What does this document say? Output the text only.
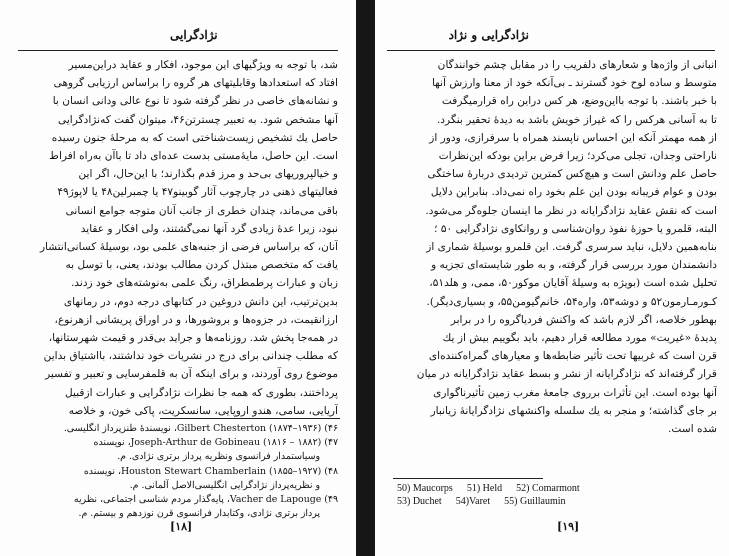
نژادگرایی
شد، با توجه به ویژگیهای این موجود، افکار و عقاید دراین‌مسیر
افتاد که استعدادها وقابلیتهای هر گروه را براساس ارزیابی گروهی
و نشانه‌های خاصی در نظر گرفته شود تا نوع عالی ودانی انسان با
آنها مشخص شود. به تعبیر چسترتن۴۶، میتوان گفت که‌نژادگرایی
حاصل یك تشخیص زیست‌شناختی است که به مرحلهٔ جنون رسیده
است. این حاصل، مایهٔ‌مستی بدست عده‌ای داد تا باآن به‌راه افراط
و خیالپروریهای بی‌حد و مرز قدم بگذارند؛ با این‌حال، اگر این
فعالیتهای ذهنی در چارچوب آثار گوبینو۴۷ یا چمبرلین۴۸ یا لاپوژ۴۹
باقی می‌ماند، چندان خطری از جانب آنان متوجه جوامع انسانی
نبود، زیرا عدهٔ زیادی گرد آنها نمی‌گشتند، ولی افکار و عقاید
آنان، که براساس فرضی از جنبه‌های علمی بود، بوسیلهٔ کسانی‌انتشار
یافت که متخصص مبتذل کردن مطالب بودند، یعنی، با توسل به
زبان و عبارات پرطمطراق، رنگ علمی به‌نوشته‌های خود زدند.
بدین‌ترتیب، این دانش دروغین در کتابهای درجه دوم، در رمانهای
ارزانقیمت، در جزوه‌ها و بروشورها، و در اوراق پریشانی ازهرنوع،
در همه‌جا پخش شد. روزنامه‌ها و جراید بی‌قدر و قیمت شهرستانها،
که مطلب چندانی برای درج در نشریات خود نداشتند، بااشتیاق بداین
موضوع روی آوردند، و برای اینکه آن به قلمفرسایی و تعبیر و تفسیر
پرداختند، بطوری که همه جا نظرات نژادگرایی و عبارات ازقبیل
آریایی، سامی، هندو اروپایی، سانسکریت، پاکی خون، و خلاصه
۴۶) Gilbert Chesterton (۱۸۷۴–۱۹۳۶)، نویسندهٔ طنزپرداز انگلیسی.
۴۷) Joseph-Arthur de Gobineau (۱۸۱۶ – ۱۸۸۲)، نویسنده
وسیاستمدار فرانسوی ونظریه‌ پرداز برتری نژادی. م.
۴۸) Houston Stewart Chamberlain (۱۸۵۵–۱۹۲۷)، نویسنده
و نظریه‌پرداز نژادگرایی انگلیسی‌الاصل آلمانی. م.
۴۹) Vacher de Lapouge، پایه‌گذار مردم شناسی اجتماعی، نظریه‌
پرداز برتری نژادی، وکتابدار فرانسوی قرن نوزدهم و بیستم. م.
[۱۸]
نژادگرایی و نژاد
انبانی از واژه‌ها و شعارهای دلفریب را در مقابل چشم خوانندگان
متوسط و ساده لوح خود گسترند ـ بی‌آنکه خود از معنا وارزش آنها
با خبر باشند. با توجه بااین‌وضع، هر کس دراین راه قرارمیگرفت
تا به آسانی هرکس را که غیراز خویش باشد به دیدهٔ تحقیر بنگرد.
از همه مهمتر آنکه این احساس ناپسند همراه با سرفرازی، ودور از
ناراحتی وجدان، تجلی می‌کرد؛ زیرا فرض براین بودکه این‌نظرات
حاصل علم ودانش است و هیچ‌کس کمترین تردیدی دربارهٔ ساختگی
بودن و عوام فریبانه بودن این علم بخود راه نمی‌داد. بنابراین دلایل
است که نقش عقاید نژادگرایانه در نظر ما اینسان جلوه‌گر می‌شود.
البته، قلمرو یا حوزهٔ نفوذ روان‌شناسی و روانکاوی نژادگرایی ۵۰ ؛
بنابه‌همین دلایل، نباید سرسری گرفت. این قلمرو بوسیلهٔ شماری از
دانشمندان مورد بررسی قرار گرفته، و به طور شایسته‌ای تجزیه و
تحلیل شده است (بویژه به وسیلهٔ آقایان موکور۵۰، ممی، و هلد۵۱،
کـورمـارمون۵۲ و دوشه۵۳، واره۵۴، خانم‌گیومن۵۵، و بسیاری‌دیگر).
بهطور خلاصه، اگر لازم باشد که واکنش فردیاگروه را در برابر
پدیدهٔ «غیریت» مورد مطالعه قرار دهیم، باید بگوییم بیش از یك
قرن است که غربیها تحت تأثیر ضابطه‌ها و معیارهای گمراه‌کننده‌ای
قرار گرفته‌اند که نژادگرایانه از نشر و بسط عقاید نژادگرایانه در میان
آنها بوده است. این تأثرات برروی جامعهٔ مغرب زمین تأثیرناگواری
بر جای گذاشته؛ و منجر به یك سلسله واکنشهای نژادگرایانهٔ زیانبار
شده است.
50) Maucorps 51) Held 52) Comarmont
53) Duchet 54)Varet 55) Guillaumin
[۱۹]
